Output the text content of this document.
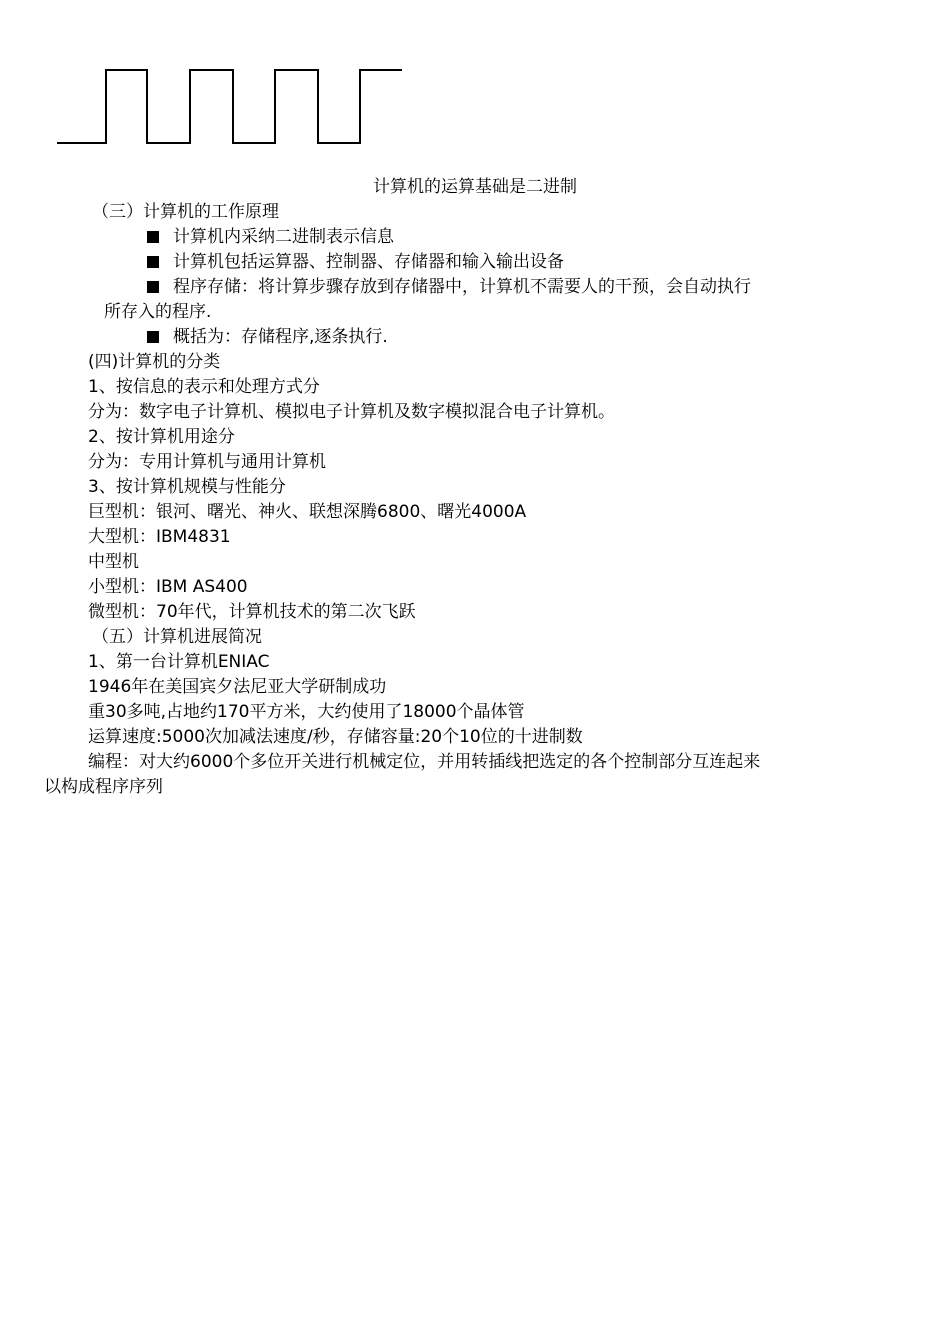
计算机的运算基础是二进制
（三）计算机的工作原理
计算机内采纳二进制表示信息
计算机包括运算器、控制器、存储器和输入输出设备
程序存储：将计算步骤存放到存储器中，计算机不需要人的干预，会自动执行
所存入的程序.
概括为：存储程序,逐条执行.
(四)计算机的分类
1、按信息的表示和处理方式分
分为：数字电子计算机、模拟电子计算机及数字模拟混合电子计算机。
2、按计算机用途分
分为：专用计算机与通用计算机
3、按计算机规模与性能分
巨型机：银河、曙光、神火、联想深腾6800、曙光4000A
大型机：IBM4831
中型机
小型机：IBM AS400
微型机：70年代，计算机技术的第二次飞跃
（五）计算机进展简况
1、第一台计算机ENIAC
1946年在美国宾夕法尼亚大学研制成功
重30多吨,占地约170平方米，大约使用了18000个晶体管
运算速度:5000次加减法速度/秒，存储容量:20个10位的十进制数
编程：对大约6000个多位开关进行机械定位，并用转插线把选定的各个控制部分互连起来
以构成程序序列
